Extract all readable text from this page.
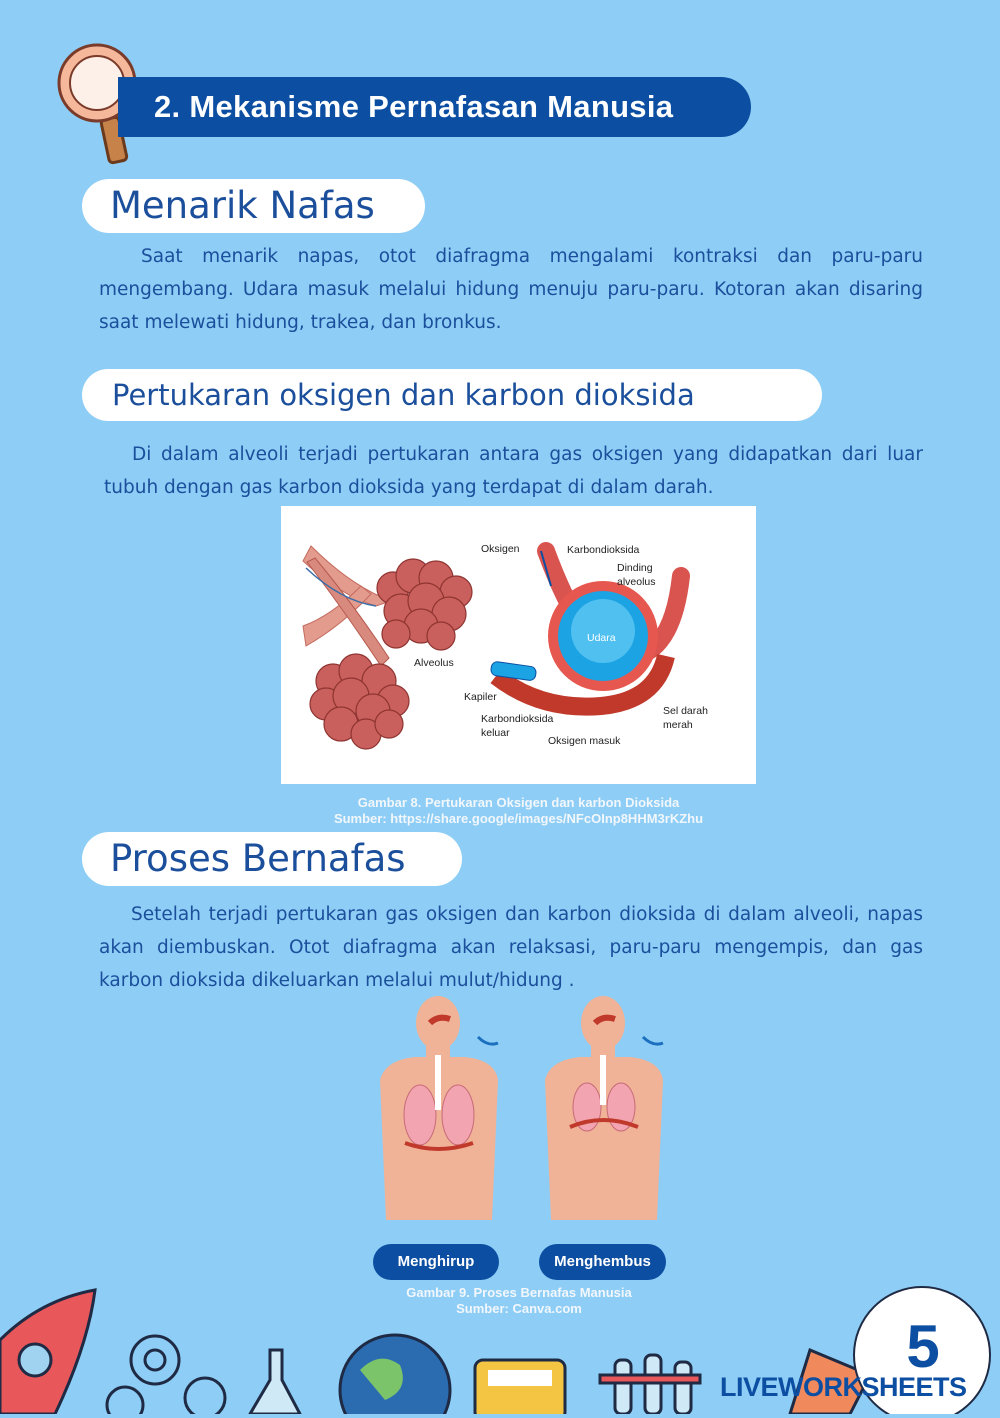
2. Mekanisme Pernafasan Manusia
Menarik Nafas
Saat menarik napas, otot diafragma mengalami kontraksi dan paru-paru mengembang. Udara masuk melalui hidung menuju paru-paru. Kotoran akan disaring saat melewati hidung, trakea, dan bronkus.
Pertukaran oksigen dan karbon dioksida
Di dalam alveoli terjadi pertukaran antara gas oksigen yang didapatkan dari luar tubuh dengan gas karbon dioksida yang terdapat di dalam darah.
Oksigen	Karbondioksida
Dinding
alveolus
Udara
Alveolus
Kapiler
Karbondioksida
keluar
Oksigen masuk
Sel darah
merah
Gambar 8. Pertukaran Oksigen dan karbon Dioksida
Sumber: https://share.google/images/NFcOInp8HHM3rKZhu
Proses Bernafas
Setelah terjadi pertukaran gas oksigen dan karbon dioksida di dalam alveoli, napas akan diembuskan. Otot diafragma akan relaksasi, paru-paru mengempis, dan gas karbon dioksida dikeluarkan melalui mulut/hidung .
Menghirup	Menghembus
Gambar 9. Proses Bernafas Manusia
Sumber: Canva.com
5
LIVEWORKSHEETS
